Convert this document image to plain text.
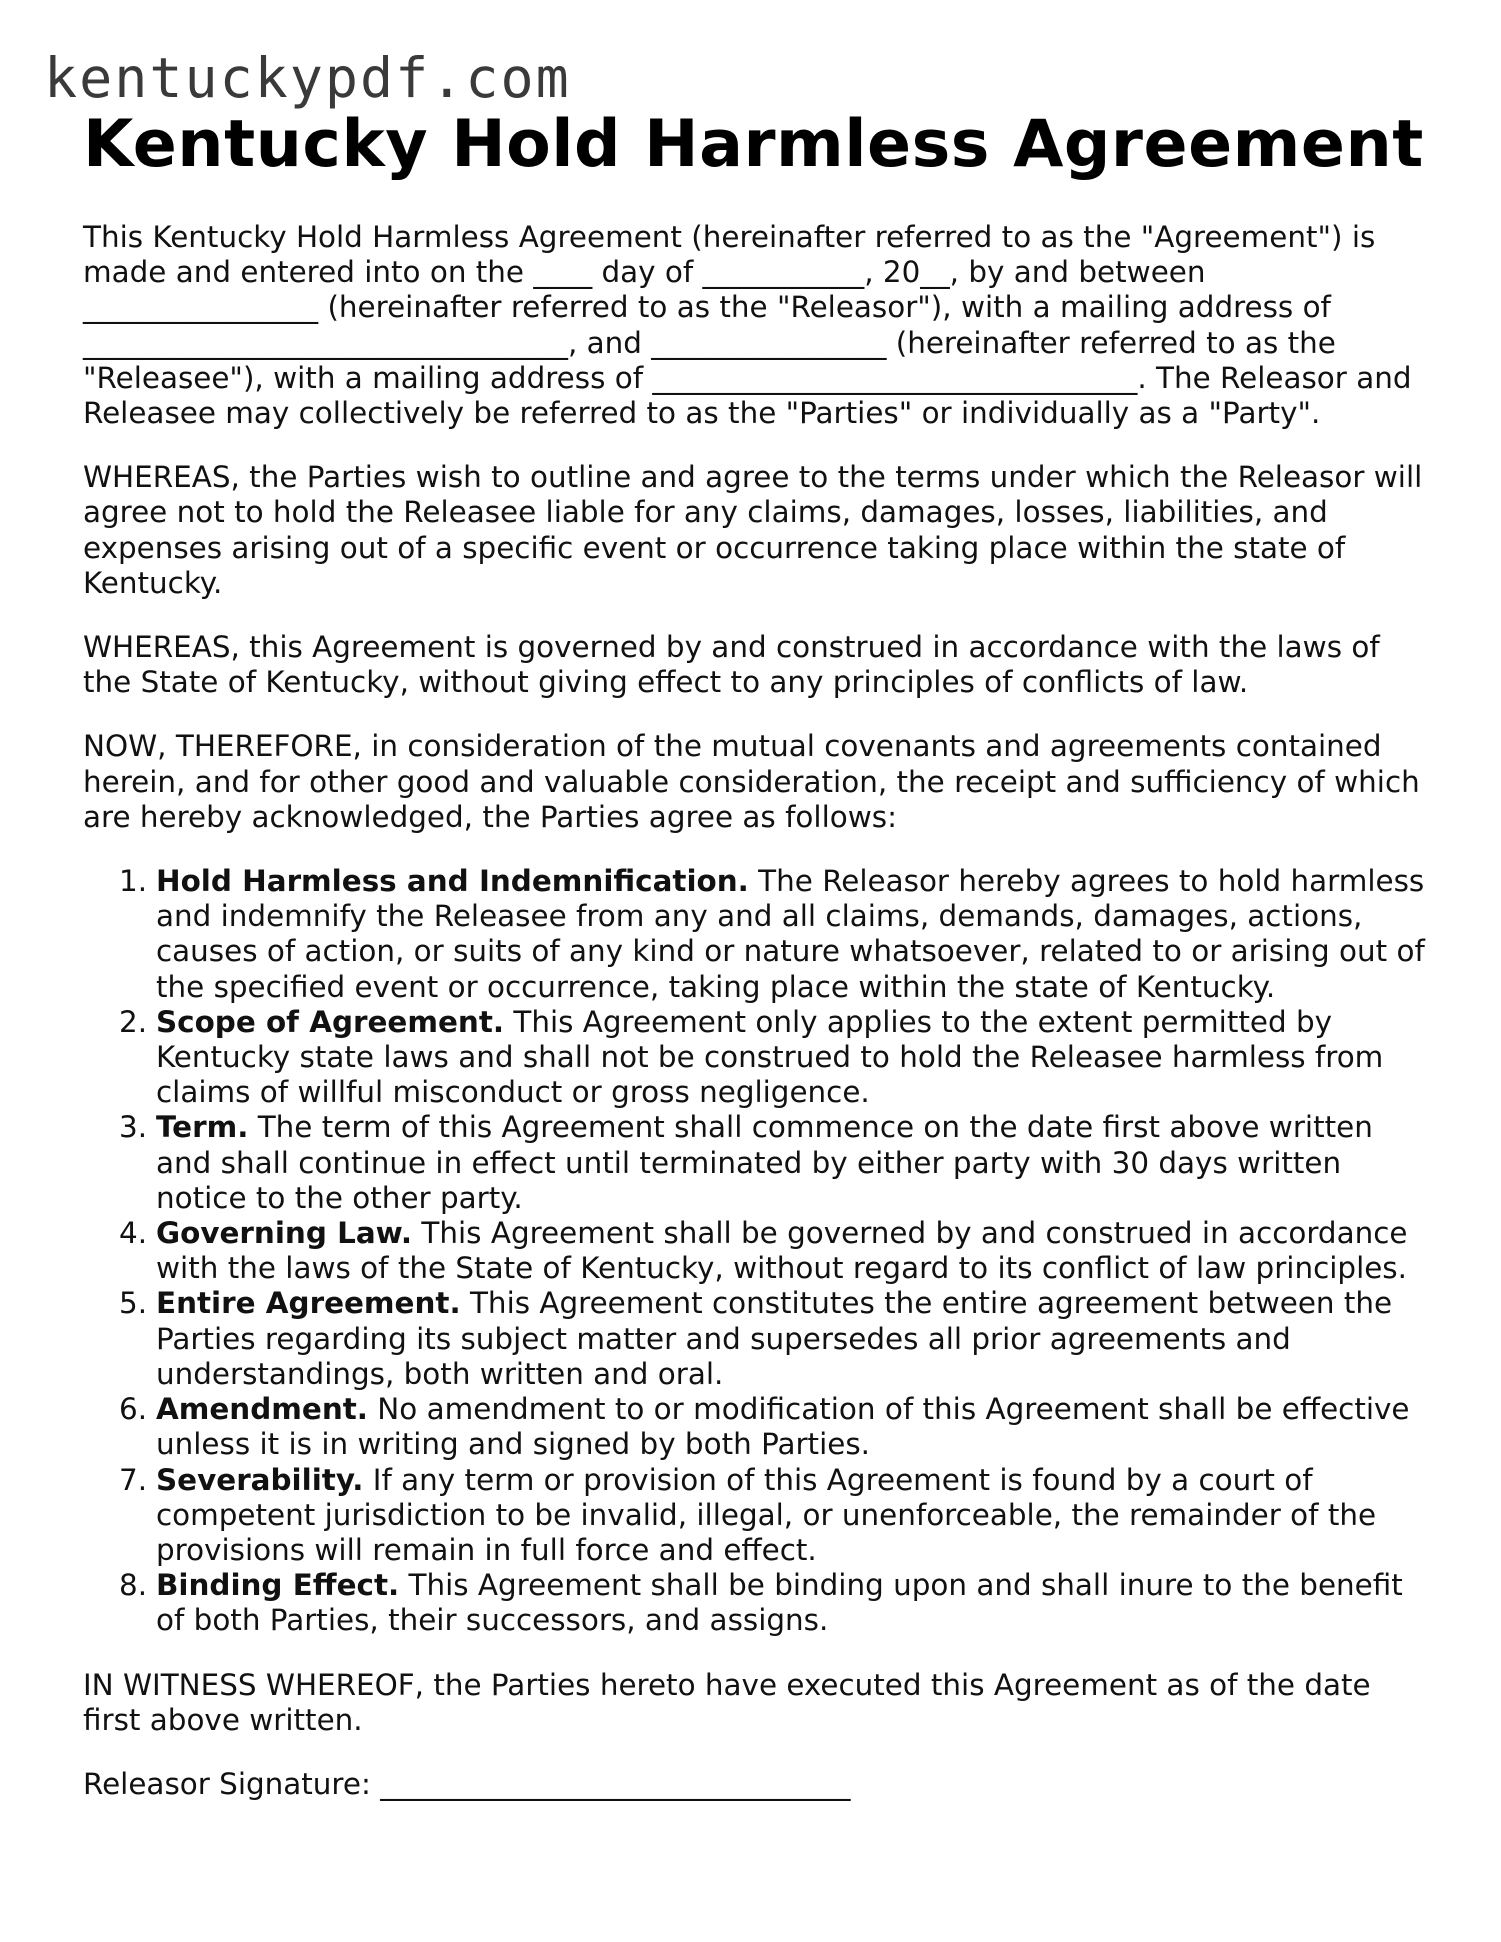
kentuckypdf.com
Kentucky Hold Harmless Agreement

This Kentucky Hold Harmless Agreement (hereinafter referred to as the "Agreement") is made and entered into on the ____ day of ___________, 20__, by and between ________________ (hereinafter referred to as the "Releasor"), with a mailing address of _________________________________, and ________________ (hereinafter referred to as the "Releasee"), with a mailing address of _________________________________. The Releasor and Releasee may collectively be referred to as the "Parties" or individually as a "Party".

WHEREAS, the Parties wish to outline and agree to the terms under which the Releasor will agree not to hold the Releasee liable for any claims, damages, losses, liabilities, and expenses arising out of a specific event or occurrence taking place within the state of Kentucky.

WHEREAS, this Agreement is governed by and construed in accordance with the laws of the State of Kentucky, without giving effect to any principles of conflicts of law.

NOW, THEREFORE, in consideration of the mutual covenants and agreements contained herein, and for other good and valuable consideration, the receipt and sufficiency of which are hereby acknowledged, the Parties agree as follows:

1. Hold Harmless and Indemnification. The Releasor hereby agrees to hold harmless and indemnify the Releasee from any and all claims, demands, damages, actions, causes of action, or suits of any kind or nature whatsoever, related to or arising out of the specified event or occurrence, taking place within the state of Kentucky.
2. Scope of Agreement. This Agreement only applies to the extent permitted by Kentucky state laws and shall not be construed to hold the Releasee harmless from claims of willful misconduct or gross negligence.
3. Term. The term of this Agreement shall commence on the date first above written and shall continue in effect until terminated by either party with 30 days written notice to the other party.
4. Governing Law. This Agreement shall be governed by and construed in accordance with the laws of the State of Kentucky, without regard to its conflict of law principles.
5. Entire Agreement. This Agreement constitutes the entire agreement between the Parties regarding its subject matter and supersedes all prior agreements and understandings, both written and oral.
6. Amendment. No amendment to or modification of this Agreement shall be effective unless it is in writing and signed by both Parties.
7. Severability. If any term or provision of this Agreement is found by a court of competent jurisdiction to be invalid, illegal, or unenforceable, the remainder of the provisions will remain in full force and effect.
8. Binding Effect. This Agreement shall be binding upon and shall inure to the benefit of both Parties, their successors, and assigns.

IN WITNESS WHEREOF, the Parties hereto have executed this Agreement as of the date first above written.

Releasor Signature: ________________________________
